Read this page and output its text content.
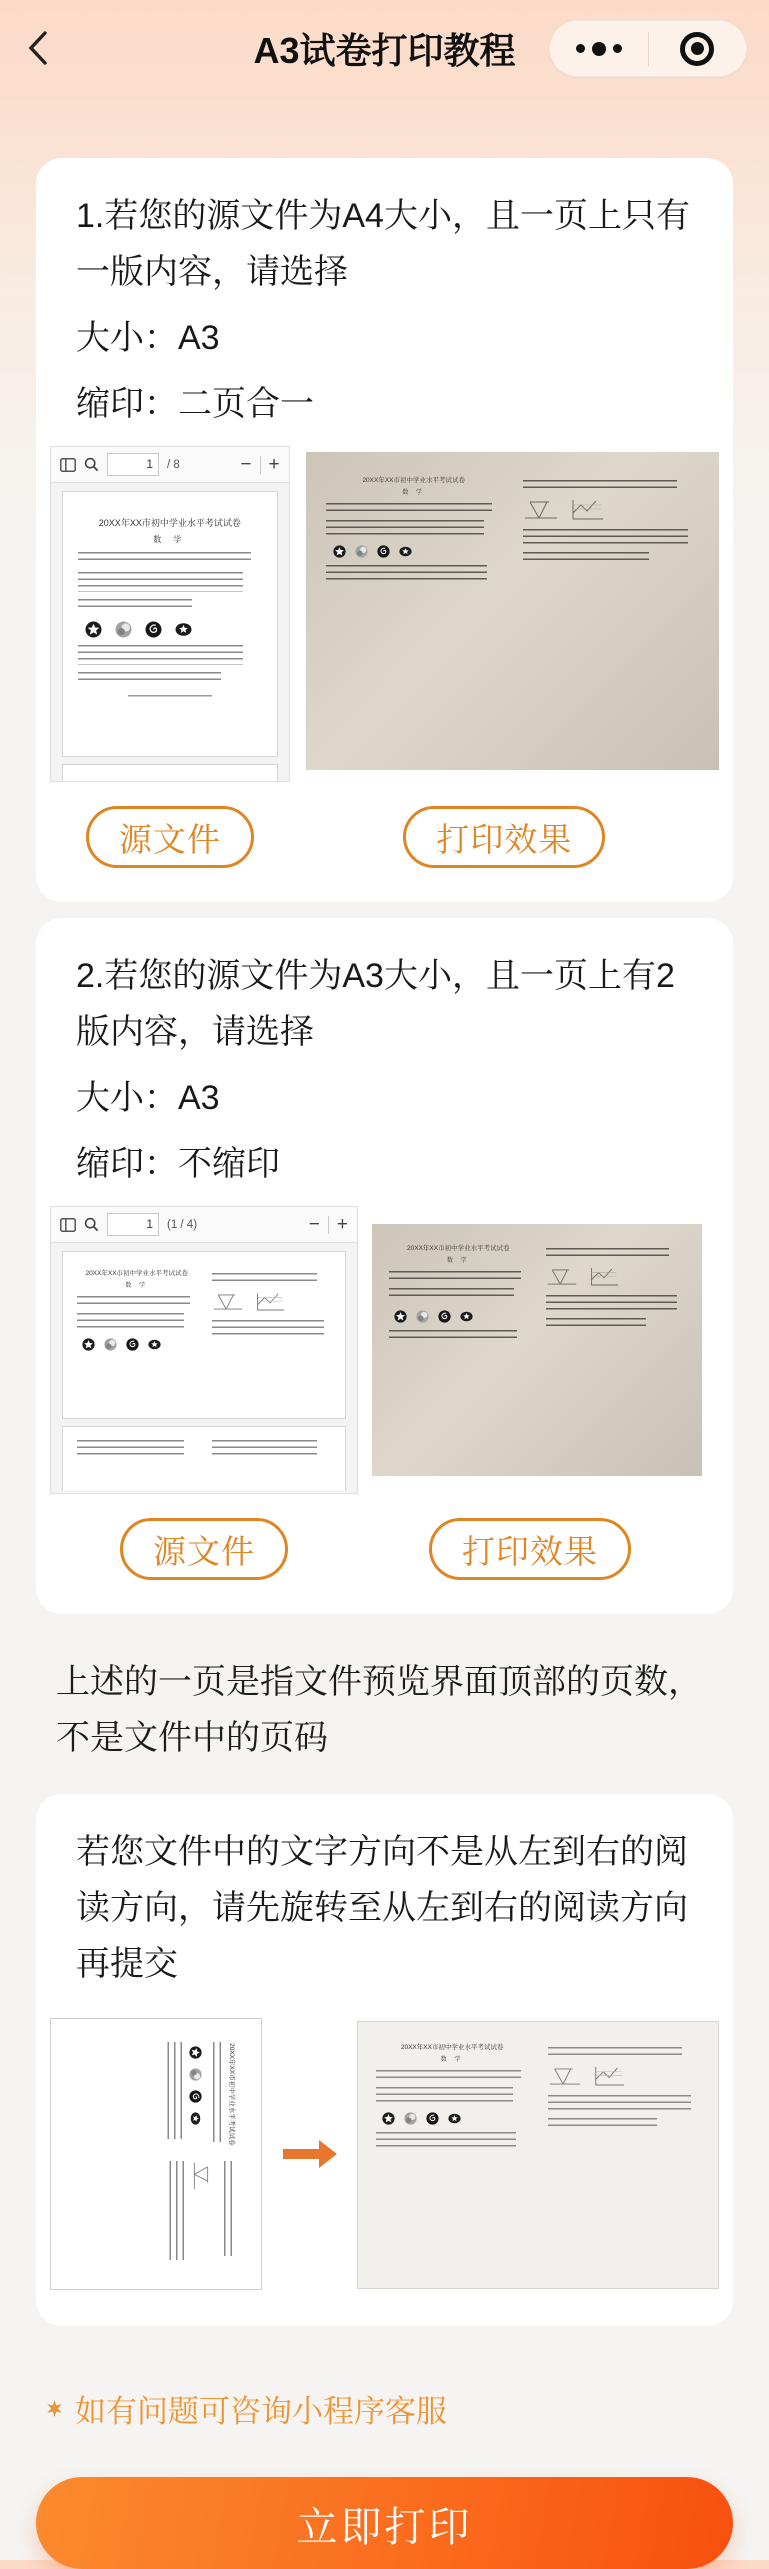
A3试卷打印教程
1.若您的源文件为A4大小，且一页上只有一版内容，请选择
大小：A3
缩印：二页合一
1	/ 8	− +
20XX年XX市初中学业水平考试试卷
数 学
20XX年XX市初中学业水平考试试卷
数 学
源文件	打印效果
2.若您的源文件为A3大小，且一页上有2版内容，请选择
大小：A3
缩印：不缩印
1	(1 / 4)	− +
20XX年XX市初中学业水平考试试卷
数 学
20XX年XX市初中学业水平考试试卷
数 学
源文件	打印效果
上述的一页是指文件预览界面顶部的页数，不是文件中的页码
若您文件中的文字方向不是从左到右的阅读方向，请先旋转至从左到右的阅读方向再提交
20XX年XX市初中学业水平考试试卷	20XX年XX市初中学业水平考试试卷
数 学
如有问题可咨询小程序客服
立即打印
